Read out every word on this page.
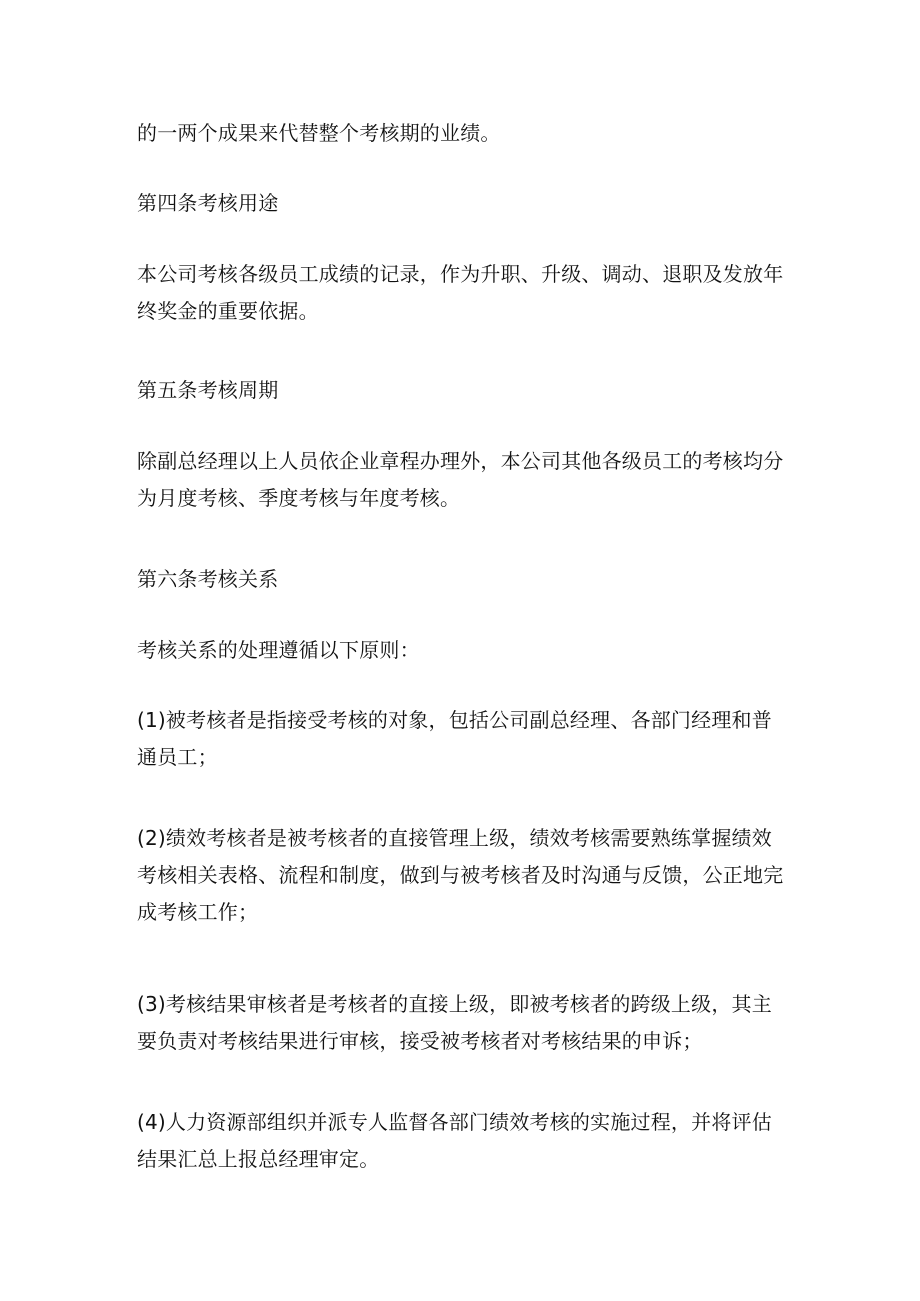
的一两个成果来代替整个考核期的业绩。

第四条考核用途

本公司考核各级员工成绩的记录，作为升职、升级、调动、退职及发放年终奖金的重要依据。

第五条考核周期

除副总经理以上人员依企业章程办理外，本公司其他各级员工的考核均分为月度考核、季度考核与年度考核。

第六条考核关系

考核关系的处理遵循以下原则：

(1)被考核者是指接受考核的对象，包括公司副总经理、各部门经理和普通员工；

(2)绩效考核者是被考核者的直接管理上级，绩效考核需要熟练掌握绩效考核相关表格、流程和制度，做到与被考核者及时沟通与反馈，公正地完成考核工作；

(3)考核结果审核者是考核者的直接上级，即被考核者的跨级上级，其主要负责对考核结果进行审核，接受被考核者对考核结果的申诉；

(4)人力资源部组织并派专人监督各部门绩效考核的实施过程，并将评估结果汇总上报总经理审定。
